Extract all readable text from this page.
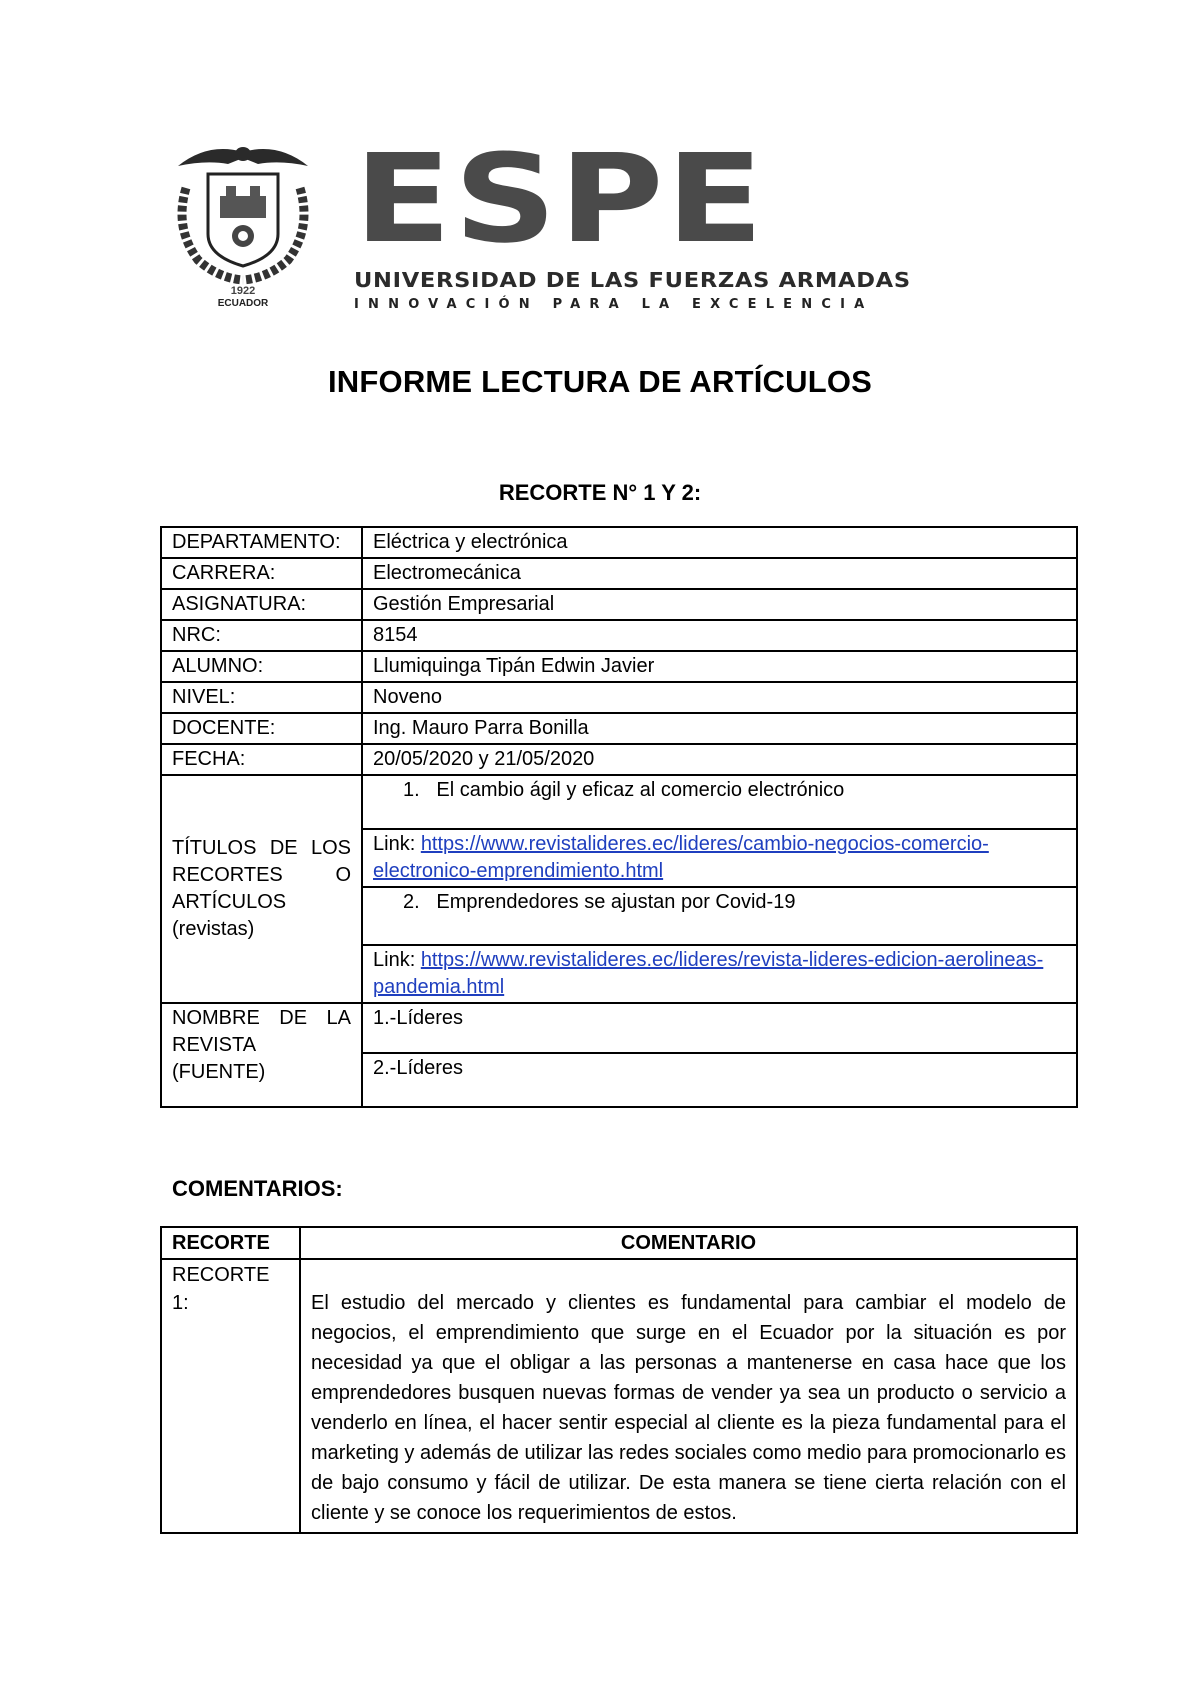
1922
ECUADOR
ESPE
UNIVERSIDAD DE LAS FUERZAS ARMADAS
INNOVACIÓN PARA LA EXCELENCIA
INFORME LECTURA DE ARTÍCULOS
RECORTE N° 1 Y 2:
DEPARTAMENTO:	Eléctrica y electrónica
CARRERA:	Electromecánica
ASIGNATURA:	Gestión Empresarial
NRC:	8154
ALUMNO:	Llumiquinga Tipán Edwin Javier
NIVEL:	Noveno
DOCENTE:	Ing. Mauro Parra Bonilla
FECHA:	20/05/2020 y 21/05/2020
TÍTULOS DE LOS RECORTES O ARTÍCULOS (revistas)	1. El cambio ágil y eficaz al comercio electrónico
	Link: https://www.revistalideres.ec/lideres/cambio-negocios-comercio-electronico-emprendimiento.html
	2. Emprendedores se ajustan por Covid-19
	Link: https://www.revistalideres.ec/lideres/revista-lideres-edicion-aerolineas-pandemia.html
NOMBRE DE LA REVISTA (FUENTE)	1.-Líderes
	2.-Líderes
COMENTARIOS:
RECORTE	COMENTARIO
RECORTE 1:	El estudio del mercado y clientes es fundamental para cambiar el modelo de negocios, el emprendimiento que surge en el Ecuador por la situación es por necesidad ya que el obligar a las personas a mantenerse en casa hace que los emprendedores busquen nuevas formas de vender ya sea un producto o servicio a venderlo en línea, el hacer sentir especial al cliente es la pieza fundamental para el marketing y además de utilizar las redes sociales como medio para promocionarlo es de bajo consumo y fácil de utilizar. De esta manera se tiene cierta relación con el cliente y se conoce los requerimientos de estos.
